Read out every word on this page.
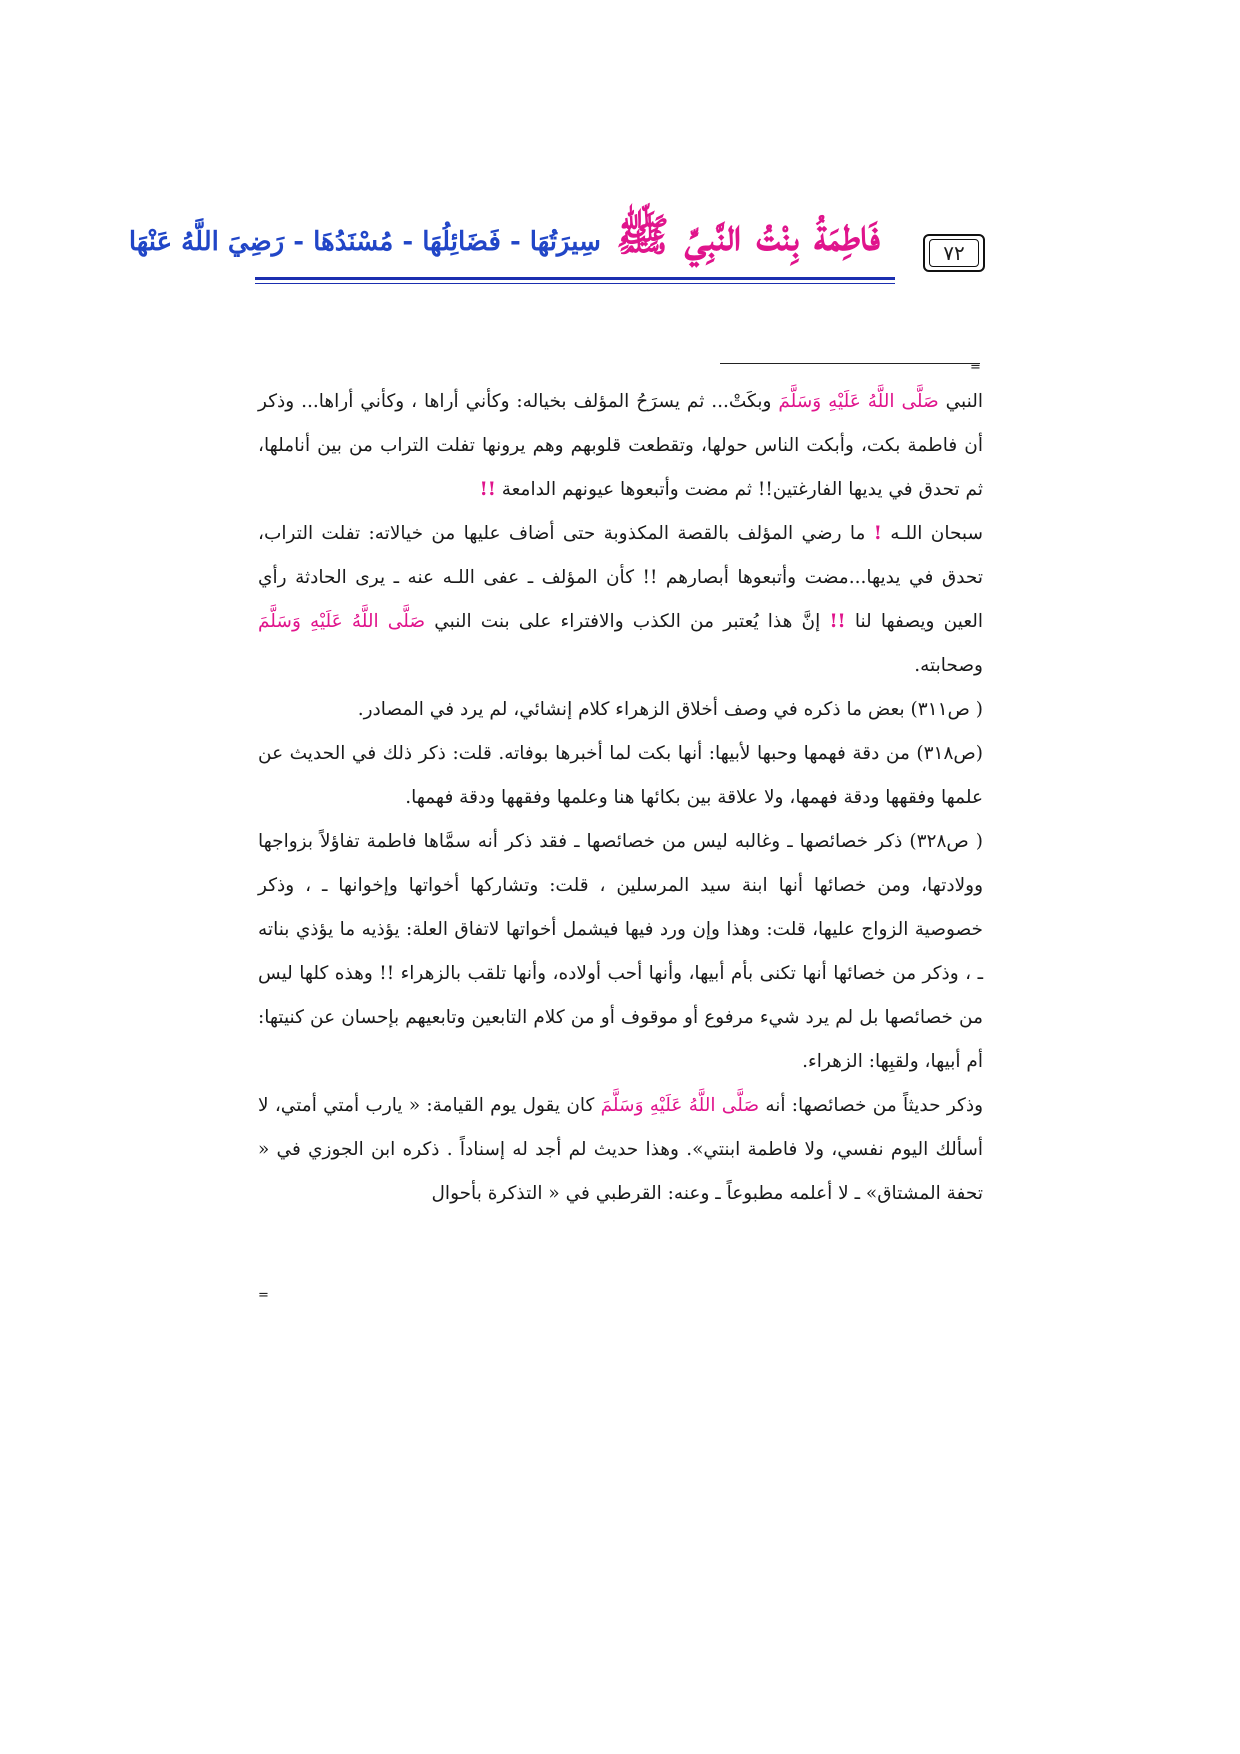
٧٢
فَاطِمَةُ بِنْتُ النَّبِيِّ ﷺ سِيرَتُهَا - فَضَائِلُهَا - مُسْنَدُهَا - رَضِيَ اللَّهُ عَنْهَا
=

النبي صَلَّى اللَّهُ عَلَيْهِ وَسَلَّمَ وبكَتْ... ثم يسرَحُ المؤلف بخياله: وكأني أراها ، وكأني أراها... وذكر أن فاطمة بكت، وأبكت الناس حولها، وتقطعت قلوبهم وهم يرونها تفلت التراب من بين أناملها، ثم تحدق في يديها الفارغتين!! ثم مضت وأتبعوها عيونهم الدامعة !!

سبحان اللـه ! ما رضي المؤلف بالقصة المكذوبة حتى أضاف عليها من خيالاته: تفلت التراب، تحدق في يديها...مضت وأتبعوها أبصارهم !! كأن المؤلف ـ عفى اللـه عنه ـ يرى الحادثة رأي العين ويصفها لنا !! إنَّ هذا يُعتبر من الكذب والافتراء على بنت النبي صَلَّى اللَّهُ عَلَيْهِ وَسَلَّمَ وصحابته.

( ص٣١١) بعض ما ذكره في وصف أخلاق الزهراء كلام إنشائي، لم يرد في المصادر.

(ص٣١٨) من دقة فهمها وحبها لأبيها: أنها بكت لما أخبرها بوفاته. قلت: ذكر ذلك في الحديث عن علمها وفقهها ودقة فهمها، ولا علاقة بين بكائها هنا وعلمها وفقهها ودقة فهمها.

( ص٣٢٨) ذكر خصائصها ـ وغالبه ليس من خصائصها ـ فقد ذكر أنه سمَّاها فاطمة تفاؤلاً بزواجها وولادتها، ومن خصائها أنها ابنة سيد المرسلين ، قلت: وتشاركها أخواتها وإخوانها ـ ، وذكر خصوصية الزواج عليها، قلت: وهذا وإن ورد فيها فيشمل أخواتها لاتفاق العلة: يؤذيه ما يؤذي بناته ـ ، وذكر من خصائها أنها تكنى بأم أبيها، وأنها أحب أولاده، وأنها تلقب بالزهراء !! وهذه كلها ليس من خصائصها بل لم يرد شيء مرفوع أو موقوف أو من كلام التابعين وتابعيهم بإحسان عن كنيتها: أم أبيها، ولقبِها: الزهراء.

وذكر حديثاً من خصائصها: أنه صَلَّى اللَّهُ عَلَيْهِ وَسَلَّمَ كان يقول يوم القيامة: « يارب أمتي أمتي، لا أسألك اليوم نفسي، ولا فاطمة ابنتي». وهذا حديث لم أجد له إسناداً . ذكره ابن الجوزي في « تحفة المشتاق» ـ لا أعلمه مطبوعاً ـ وعنه: القرطبي في « التذكرة بأحوال

=
